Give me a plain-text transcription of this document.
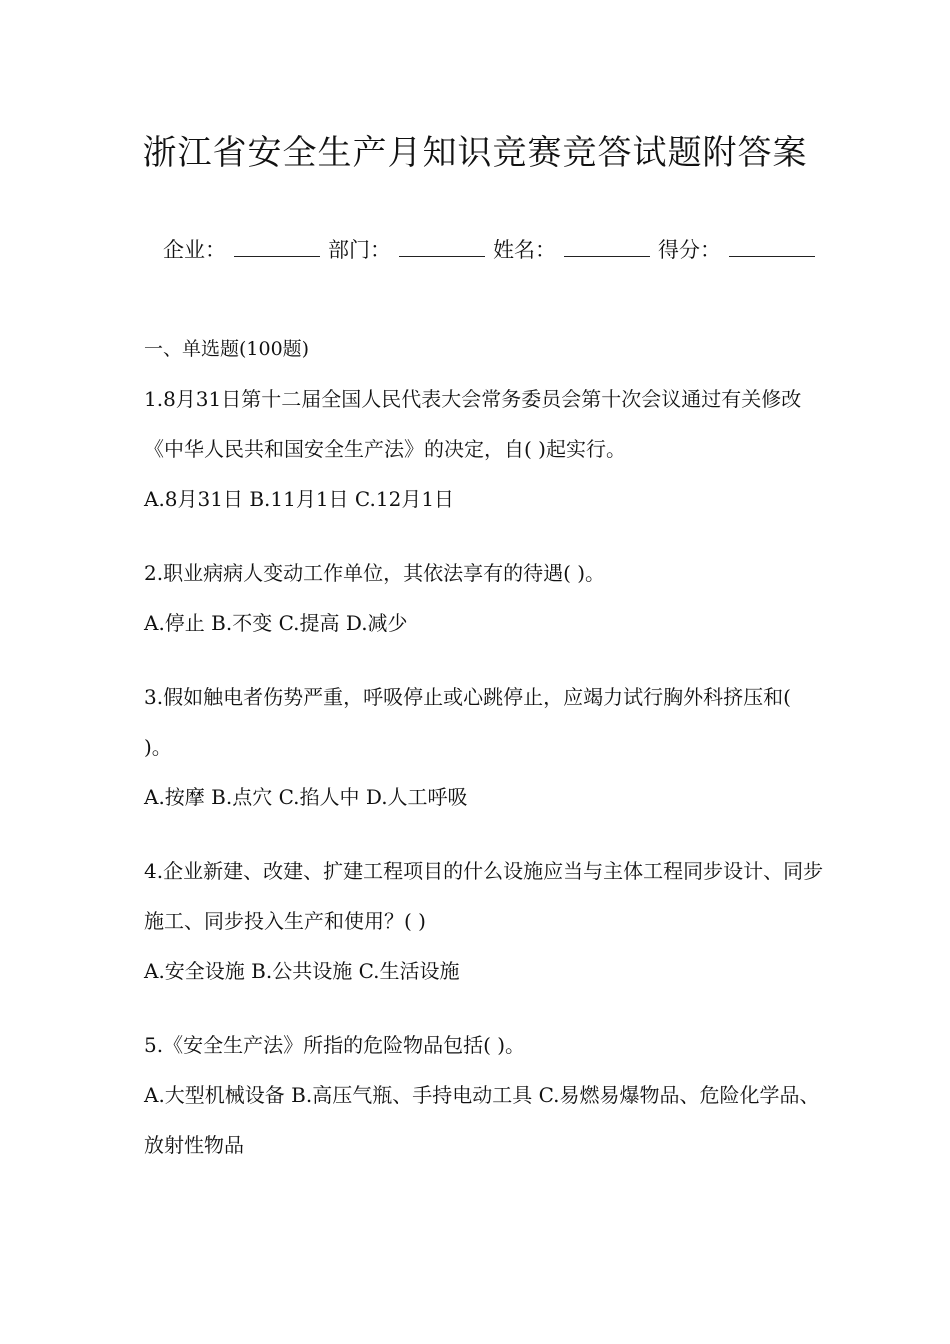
浙江省安全生产月知识竞赛竞答试题附答案
企业：	部门：	姓名：	得分：
一、单选题(100题)

1.8月31日第十二届全国人民代表大会常务委员会第十次会议通过有关修改《中华人民共和国安全生产法》的决定，自( )起实行。

A.8月31日 B.11月1日 C.12月1日

2.职业病病人变动工作单位，其依法享有的待遇( )。

A.停止 B.不变 C.提高 D.减少

3.假如触电者伤势严重，呼吸停止或心跳停止，应竭力试行胸外科挤压和( )。

A.按摩 B.点穴 C.掐人中 D.人工呼吸

4.企业新建、改建、扩建工程项目的什么设施应当与主体工程同步设计、同步施工、同步投入生产和使用？( )

A.安全设施 B.公共设施 C.生活设施

5.《安全生产法》所指的危险物品包括( )。

A.大型机械设备 B.高压气瓶、手持电动工具 C.易燃易爆物品、危险化学品、放射性物品
